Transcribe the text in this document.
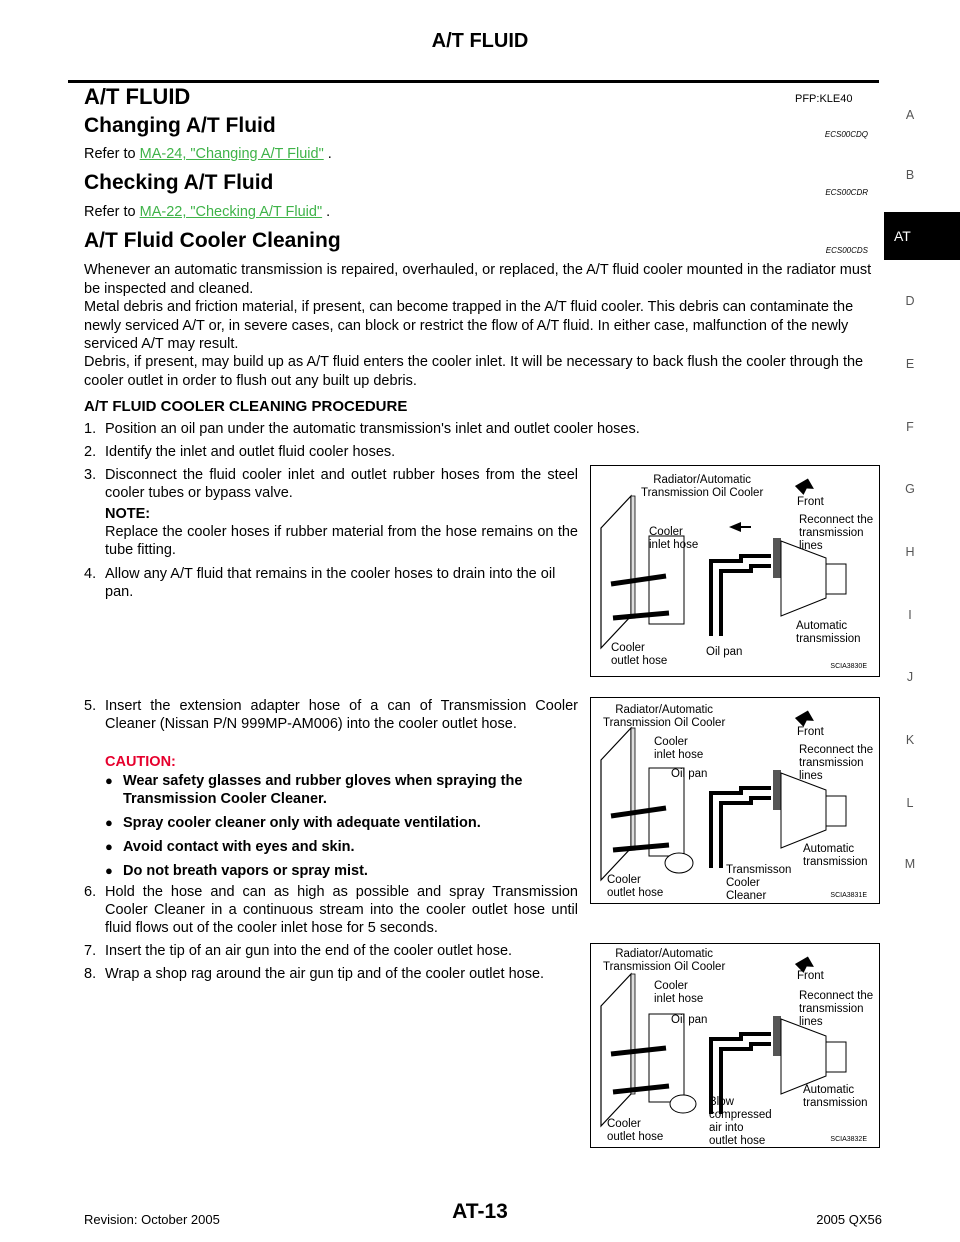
A/T FLUID
A/T FLUID	PFP:KLE40
Changing A/T Fluid	ECS00CDQ
Refer to MA-24, "Changing A/T Fluid" .
Checking A/T Fluid	ECS00CDR
Refer to MA-22, "Checking A/T Fluid" .
A/T Fluid Cooler Cleaning	ECS00CDS
Whenever an automatic transmission is repaired, overhauled, or replaced, the A/T fluid cooler mounted in the radiator must be inspected and cleaned.
Metal debris and friction material, if present, can become trapped in the A/T fluid cooler. This debris can contaminate the newly serviced A/T or, in severe cases, can block or restrict the flow of A/T fluid. In either case, malfunction of the newly serviced A/T may result.
Debris, if present, may build up as A/T fluid enters the cooler inlet. It will be necessary to back flush the cooler through the cooler outlet in order to flush out any built up debris.
A/T FLUID COOLER CLEANING PROCEDURE
1. Position an oil pan under the automatic transmission's inlet and outlet cooler hoses.
2. Identify the inlet and outlet fluid cooler hoses.
3. Disconnect the fluid cooler inlet and outlet rubber hoses from the steel cooler tubes or bypass valve.
NOTE:
Replace the cooler hoses if rubber material from the hose remains on the tube fitting.
4. Allow any A/T fluid that remains in the cooler hoses to drain into the oil pan.
5. Insert the extension adapter hose of a can of Transmission Cooler Cleaner (Nissan P/N 999MP-AM006) into the cooler outlet hose.
CAUTION:
● Wear safety glasses and rubber gloves when spraying the Transmission Cooler Cleaner.
● Spray cooler cleaner only with adequate ventilation.
● Avoid contact with eyes and skin.
● Do not breath vapors or spray mist.
6. Hold the hose and can as high as possible and spray Transmission Cooler Cleaner in a continuous stream into the cooler outlet hose until fluid flows out of the cooler inlet hose for 5 seconds.
7. Insert the tip of an air gun into the end of the cooler outlet hose.
8. Wrap a shop rag around the air gun tip and of the cooler outlet hose.
Radiator/Automatic
Transmission Oil Cooler
Front
Cooler
inlet hose
Reconnect the
transmission
lines
Automatic
transmission
Cooler
outlet hose
Oil pan
SCIA3830E
Radiator/Automatic
Transmission Oil Cooler
Front
Cooler
inlet hose	Reconnect the
transmission
lines
Oil pan
Automatic
transmission
Cooler
outlet hose
Transmisson
Cooler
Cleaner	SCIA3831E
Radiator/Automatic
Transmission Oil Cooler
Front
Cooler
inlet hose	Reconnect the
transmission
lines
Oil pan
Automatic
transmission
Cooler
outlet hose
Blow
compressed
air into
outlet hose	SCIA3832E
A
B
AT
D
E
F
G
H
I
J
K
L
M
Revision: October 2005	AT-13	2005 QX56
